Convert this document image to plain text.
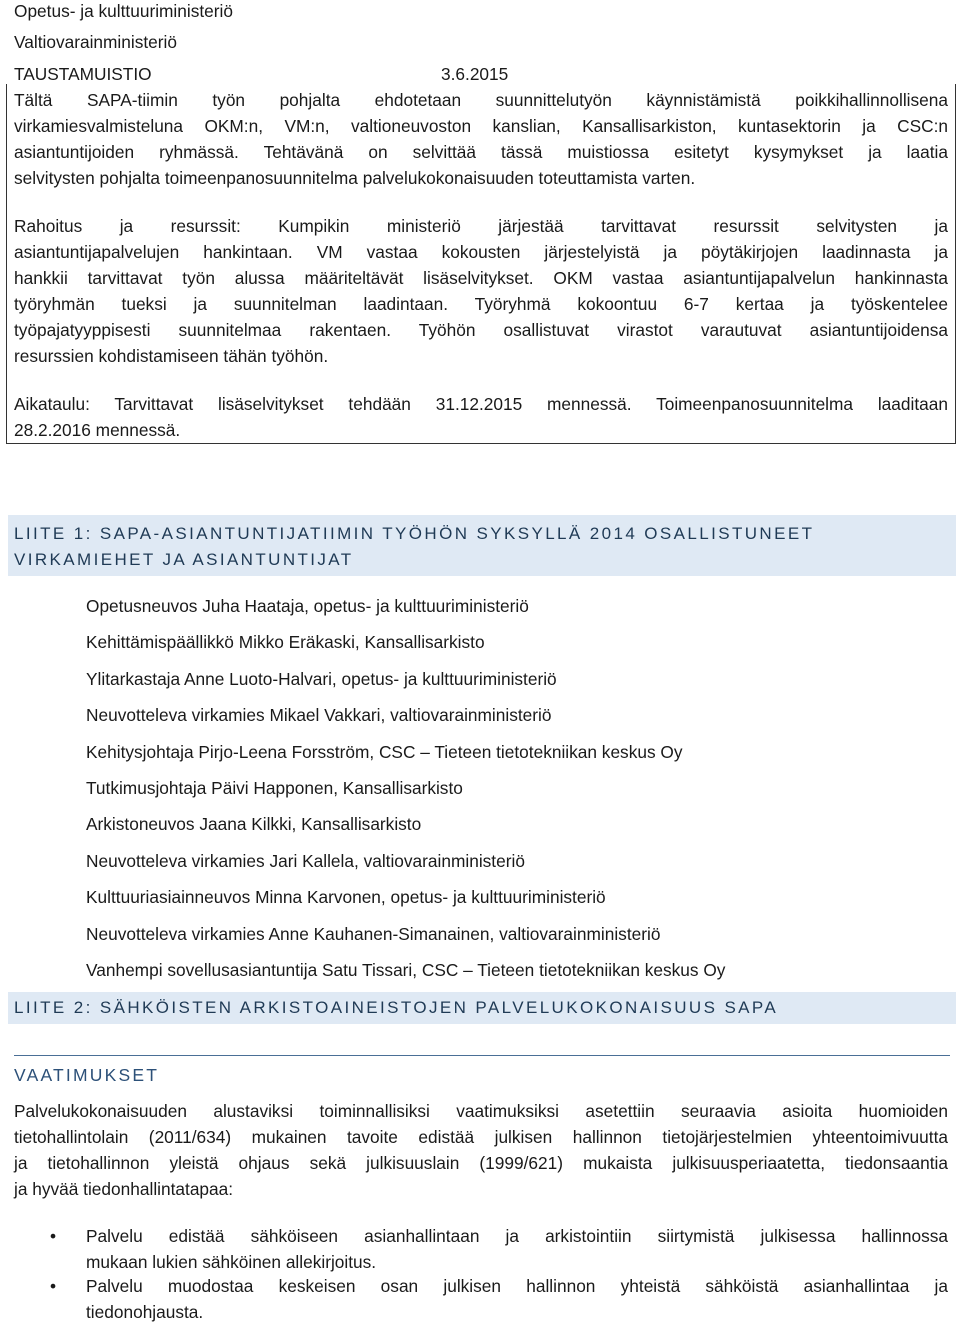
Opetus- ja kulttuuriministeriö
Valtiovarainministeriö
TAUSTAMUISTIO	3.6.2015
Tältä SAPA-tiimin työn pohjalta ehdotetaan suunnittelutyön käynnistämistä poikkihallinnollisena
virkamiesvalmisteluna OKM:n, VM:n, valtioneuvoston kanslian, Kansallisarkiston, kuntasektorin ja CSC:n
asiantuntijoiden ryhmässä. Tehtävänä on selvittää tässä muistiossa esitetyt kysymykset ja laatia
selvitysten pohjalta toimeenpanosuunnitelma palvelukokonaisuuden toteuttamista varten.
Rahoitus ja resurssit: Kumpikin ministeriö järjestää tarvittavat resurssit selvitysten ja
asiantuntijapalvelujen hankintaan. VM vastaa kokousten järjestelyistä ja pöytäkirjojen laadinnasta ja
hankkii tarvittavat työn alussa määriteltävät lisäselvitykset. OKM vastaa asiantuntijapalvelun hankinnasta
työryhmän tueksi ja suunnitelman laadintaan. Työryhmä kokoontuu 6-7 kertaa ja työskentelee
työpajatyyppisesti suunnitelmaa rakentaen. Työhön osallistuvat virastot varautuvat asiantuntijoidensa
resurssien kohdistamiseen tähän työhön.
Aikataulu: Tarvittavat lisäselvitykset tehdään 31.12.2015 mennessä. Toimeenpanosuunnitelma laaditaan
28.2.2016 mennessä.
LIITE 1: SAPA-ASIANTUNTIJATIIMIN TYÖHÖN SYKSYLLÄ 2014 OSALLISTUNEET
VIRKAMIEHET JA ASIANTUNTIJAT
Opetusneuvos Juha Haataja, opetus- ja kulttuuriministeriö
Kehittämispäällikkö Mikko Eräkaski, Kansallisarkisto
Ylitarkastaja Anne Luoto-Halvari, opetus- ja kulttuuriministeriö
Neuvotteleva virkamies Mikael Vakkari, valtiovarainministeriö
Kehitysjohtaja Pirjo-Leena Forsström, CSC – Tieteen tietotekniikan keskus Oy
Tutkimusjohtaja Päivi Happonen, Kansallisarkisto
Arkistoneuvos Jaana Kilkki, Kansallisarkisto
Neuvotteleva virkamies Jari Kallela, valtiovarainministeriö
Kulttuuriasiainneuvos Minna Karvonen, opetus- ja kulttuuriministeriö
Neuvotteleva virkamies Anne Kauhanen-Simanainen, valtiovarainministeriö
Vanhempi sovellusasiantuntija Satu Tissari, CSC – Tieteen tietotekniikan keskus Oy
LIITE 2: SÄHKÖISTEN ARKISTOAINEISTOJEN PALVELUKOKONAISUUS SAPA
VAATIMUKSET
Palvelukokonaisuuden alustaviksi toiminnallisiksi vaatimuksiksi asetettiin seuraavia asioita huomioiden
tietohallintolain (2011/634) mukainen tavoite edistää julkisen hallinnon tietojärjestelmien yhteentoimivuutta
ja tietohallinnon yleistä ohjaus sekä julkisuuslain (1999/621) mukaista julkisuusperiaatetta, tiedonsaantia
ja hyvää tiedonhallintatapaa:
• Palvelu edistää sähköiseen asianhallintaan ja arkistointiin siirtymistä julkisessa hallinnossa
mukaan lukien sähköinen allekirjoitus.
• Palvelu muodostaa keskeisen osan julkisen hallinnon yhteistä sähköistä asianhallintaa ja
tiedonohjausta.
